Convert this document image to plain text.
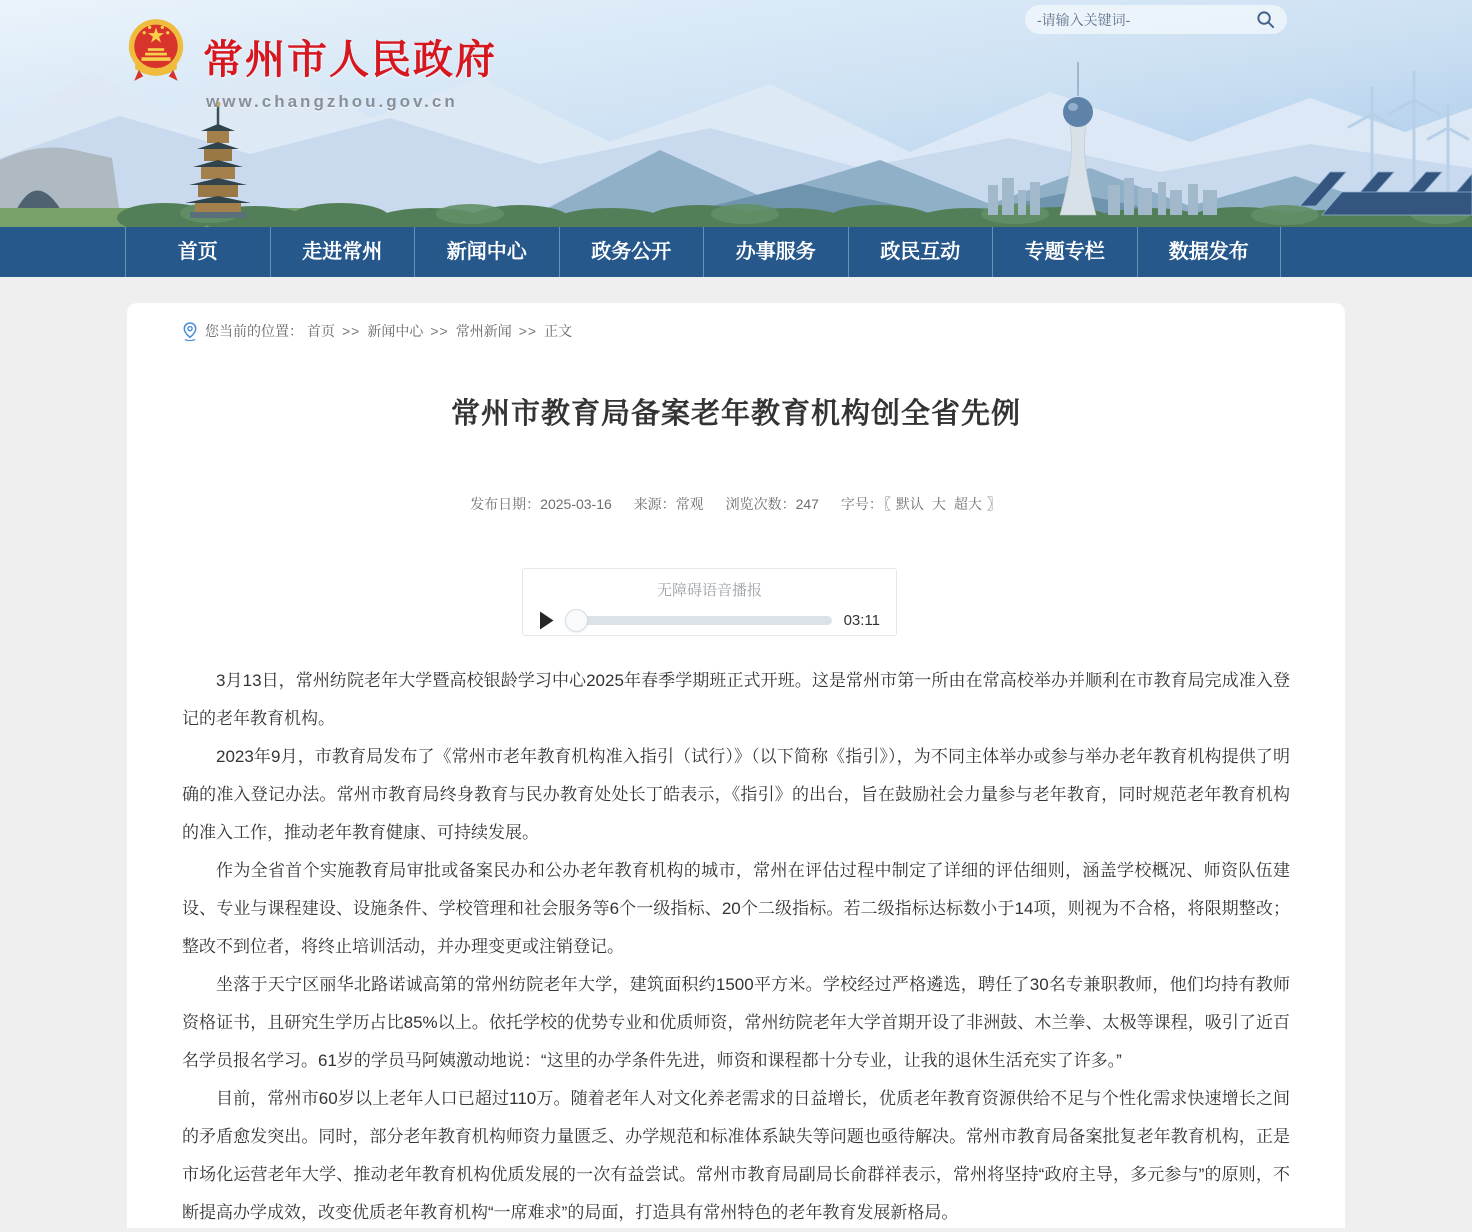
常州市人民政府
www.changzhou.gov.cn
-请输入关键词-
首页	走进常州	新闻中心	政务公开	办事服务	政民互动	专题专栏	数据发布
您当前的位置： 首页 >> 新闻中心 >> 常州新闻 >> 正文
常州市教育局备案老年教育机构创全省先例
发布日期：2025-03-16 来源：常观 浏览次数：247 字号：〖 默认 大 超大 〗
无障碍语音播报
03:11

3月13日，常州纺院老年大学暨高校银龄学习中心2025年春季学期班正式开班。这是常州市第一所由在常高校举办并顺利在市教育局完成准入登记的老年教育机构。

2023年9月，市教育局发布了《常州市老年教育机构准入指引（试行）》（以下简称《指引》），为不同主体举办或参与举办老年教育机构提供了明确的准入登记办法。常州市教育局终身教育与民办教育处处长丁皓表示，《指引》的出台，旨在鼓励社会力量参与老年教育，同时规范老年教育机构的准入工作，推动老年教育健康、可持续发展。

作为全省首个实施教育局审批或备案民办和公办老年教育机构的城市，常州在评估过程中制定了详细的评估细则，涵盖学校概况、师资队伍建设、专业与课程建设、设施条件、学校管理和社会服务等6个一级指标、20个二级指标。若二级指标达标数小于14项，则视为不合格，将限期整改；整改不到位者，将终止培训活动，并办理变更或注销登记。

坐落于天宁区丽华北路诺诚高第的常州纺院老年大学，建筑面积约1500平方米。学校经过严格遴选，聘任了30名专兼职教师，他们均持有教师资格证书，且研究生学历占比85%以上。依托学校的优势专业和优质师资，常州纺院老年大学首期开设了非洲鼓、木兰拳、太极等课程，吸引了近百名学员报名学习。61岁的学员马阿姨激动地说：“这里的办学条件先进，师资和课程都十分专业，让我的退休生活充实了许多。”

目前，常州市60岁以上老年人口已超过110万。随着老年人对文化养老需求的日益增长，优质老年教育资源供给不足与个性化需求快速增长之间的矛盾愈发突出。同时，部分老年教育机构师资力量匮乏、办学规范和标准体系缺失等问题也亟待解决。常州市教育局备案批复老年教育机构，正是市场化运营老年大学、推动老年教育机构优质发展的一次有益尝试。常州市教育局副局长俞群祥表示，常州将坚持“政府主导，多元参与”的原则，不断提高办学成效，改变优质老年教育机构“一席难求”的局面，打造具有常州特色的老年教育发展新格局。
